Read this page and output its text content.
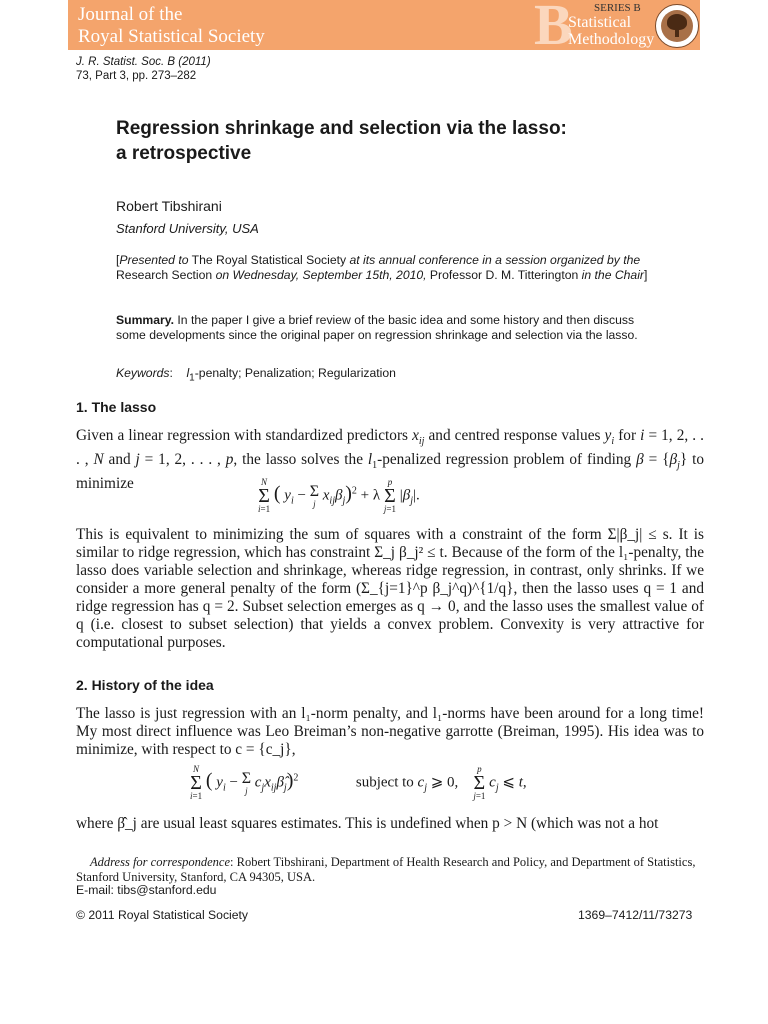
Journal of the
Royal Statistical Society	B	SERIES B
Statistical
Methodology
J. R. Statist. Soc. B (2011)
73, Part 3, pp. 273–282
Regression shrinkage and selection via the lasso:
a retrospective
Robert Tibshirani
Stanford University, USA
[Presented to The Royal Statistical Society at its annual conference in a session organized by the Research Section on Wednesday, September 15th, 2010, Professor D. M. Titterington in the Chair]
Summary. In the paper I give a brief review of the basic idea and some history and then discuss some developments since the original paper on regression shrinkage and selection via the lasso.
Keywords:    $l_1$-penalty; Penalization; Regularization
1. The lasso
Given a linear regression with standardized predictors $x_{ij}$ and centred response values $y_i$ for i = 1, 2, . . . , N and j = 1, 2, . . . , p, the lasso solves the $l_1$-penalized regression problem of finding $\beta = \{\beta_j\}$ to minimize	N
Σ
i=1 ( $y_i - \Sigma$
j $x_{ij}\beta_j)^2 + \lambda$ p
Σ
j=1 $|\beta_j|$.
This is equivalent to minimizing the sum of squares with a constraint of the form Σ|β_j| ≤ s. It is similar to ridge regression, which has constraint Σ_j β_j² ≤ t. Because of the form of the l₁-penalty, the lasso does variable selection and shrinkage, whereas ridge regression, in contrast, only shrinks. If we consider a more general penalty of the form (Σ_{j=1}^p β_j^q)^{1/q}, then the lasso uses q = 1 and ridge regression has q = 2. Subset selection emerges as q → 0, and the lasso uses the smallest value of q (i.e. closest to subset selection) that yields a convex problem. Convexity is very attractive for computational purposes.
2. History of the idea
The lasso is just regression with an l₁-norm penalty, and l₁-norms have been around for a long time! My most direct influence was Leo Breiman’s non-negative garrotte (Breiman, 1995). His idea was to minimize, with respect to c = {c_j},
N
Σ
i=1 ( $y_i - \Sigma$
j $c_jx_{ij}\betâ_j)^2$	subject to $c_j$ ⩾ 0,    p
Σ
j=1 $c_j$ ⩽ t,
where β̂_j are usual least squares estimates. This is undefined when p > N (which was not a hot
Address for correspondence: Robert Tibshirani, Department of Health Research and Policy, and Department of Statistics, Stanford University, Stanford, CA 94305, USA.
E-mail: tibs@stanford.edu
© 2011 Royal Statistical Society	1369–7412/11/73273
